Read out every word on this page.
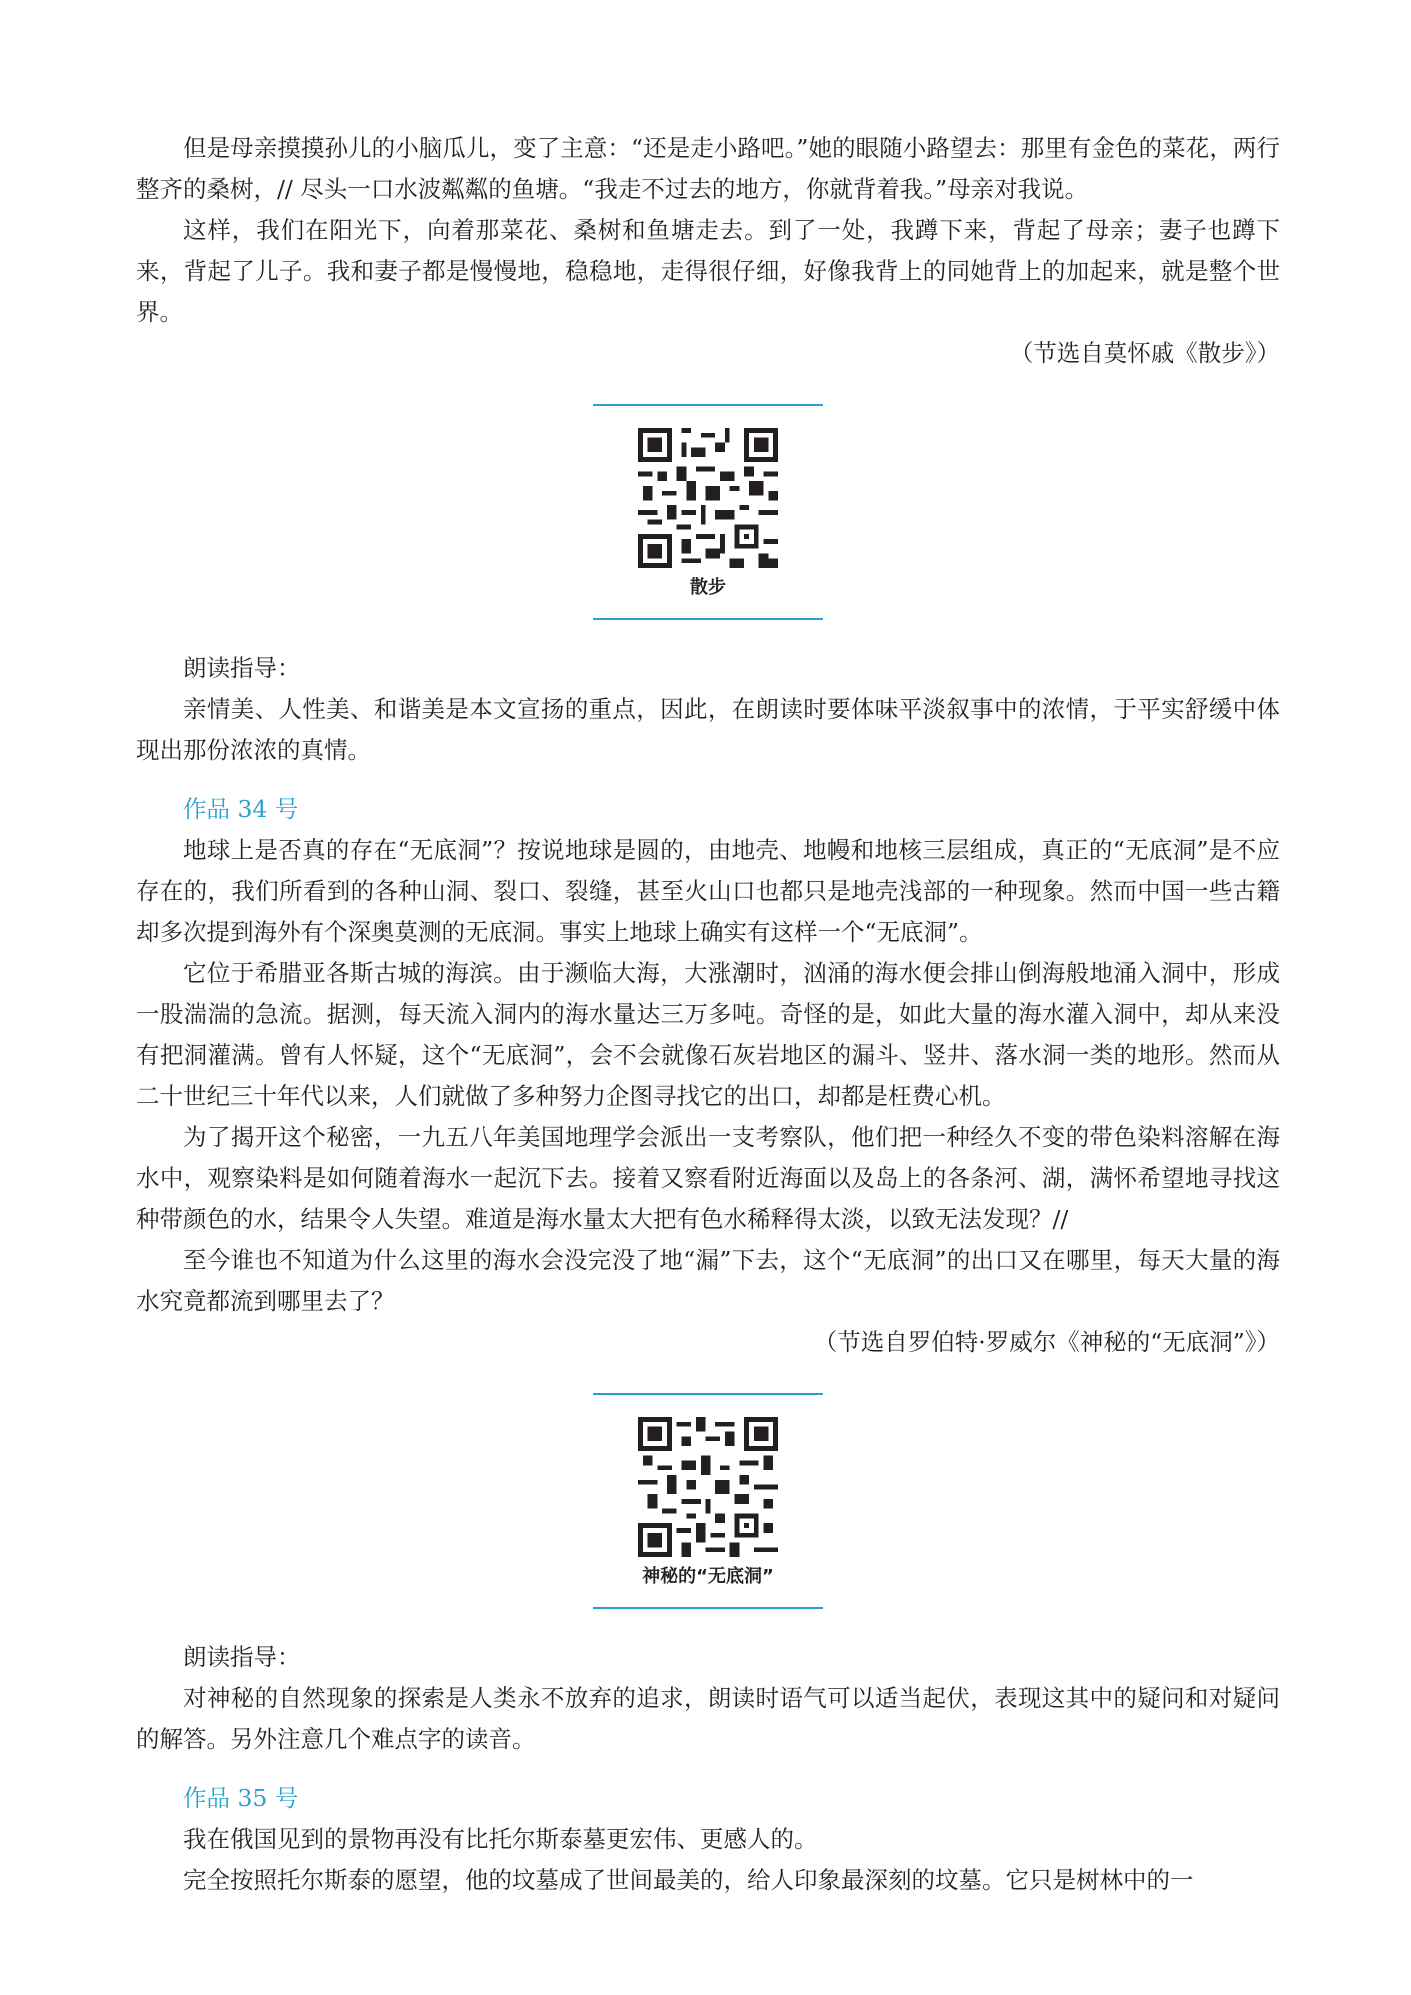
但是母亲摸摸孙儿的小脑瓜儿，变了主意：“还是走小路吧。”她的眼随小路望去：那里有金色的菜花，两行整齐的桑树，// 尽头一口水波粼粼的鱼塘。“我走不过去的地方，你就背着我。”母亲对我说。

这样，我们在阳光下，向着那菜花、桑树和鱼塘走去。到了一处，我蹲下来，背起了母亲；妻子也蹲下来，背起了儿子。我和妻子都是慢慢地，稳稳地，走得很仔细，好像我背上的同她背上的加起来，就是整个世界。

（节选自莫怀戚《散步》）

散步

朗读指导：

亲情美、人性美、和谐美是本文宣扬的重点，因此，在朗读时要体味平淡叙事中的浓情，于平实舒缓中体现出那份浓浓的真情。

作品 34 号

地球上是否真的存在“无底洞”？按说地球是圆的，由地壳、地幔和地核三层组成，真正的“无底洞”是不应存在的，我们所看到的各种山洞、裂口、裂缝，甚至火山口也都只是地壳浅部的一种现象。然而中国一些古籍却多次提到海外有个深奥莫测的无底洞。事实上地球上确实有这样一个“无底洞”。

它位于希腊亚各斯古城的海滨。由于濒临大海，大涨潮时，汹涌的海水便会排山倒海般地涌入洞中，形成一股湍湍的急流。据测，每天流入洞内的海水量达三万多吨。奇怪的是，如此大量的海水灌入洞中，却从来没有把洞灌满。曾有人怀疑，这个“无底洞”，会不会就像石灰岩地区的漏斗、竖井、落水洞一类的地形。然而从二十世纪三十年代以来，人们就做了多种努力企图寻找它的出口，却都是枉费心机。

为了揭开这个秘密，一九五八年美国地理学会派出一支考察队，他们把一种经久不变的带色染料溶解在海水中，观察染料是如何随着海水一起沉下去。接着又察看附近海面以及岛上的各条河、湖，满怀希望地寻找这种带颜色的水，结果令人失望。难道是海水量太大把有色水稀释得太淡，以致无法发现？//

至今谁也不知道为什么这里的海水会没完没了地“漏”下去，这个“无底洞”的出口又在哪里，每天大量的海水究竟都流到哪里去了？

（节选自罗伯特·罗威尔《神秘的“无底洞”》）

神秘的“无底洞”

朗读指导：

对神秘的自然现象的探索是人类永不放弃的追求，朗读时语气可以适当起伏，表现这其中的疑问和对疑问的解答。另外注意几个难点字的读音。

作品 35 号

我在俄国见到的景物再没有比托尔斯泰墓更宏伟、更感人的。

完全按照托尔斯泰的愿望，他的坟墓成了世间最美的，给人印象最深刻的坟墓。它只是树林中的一
